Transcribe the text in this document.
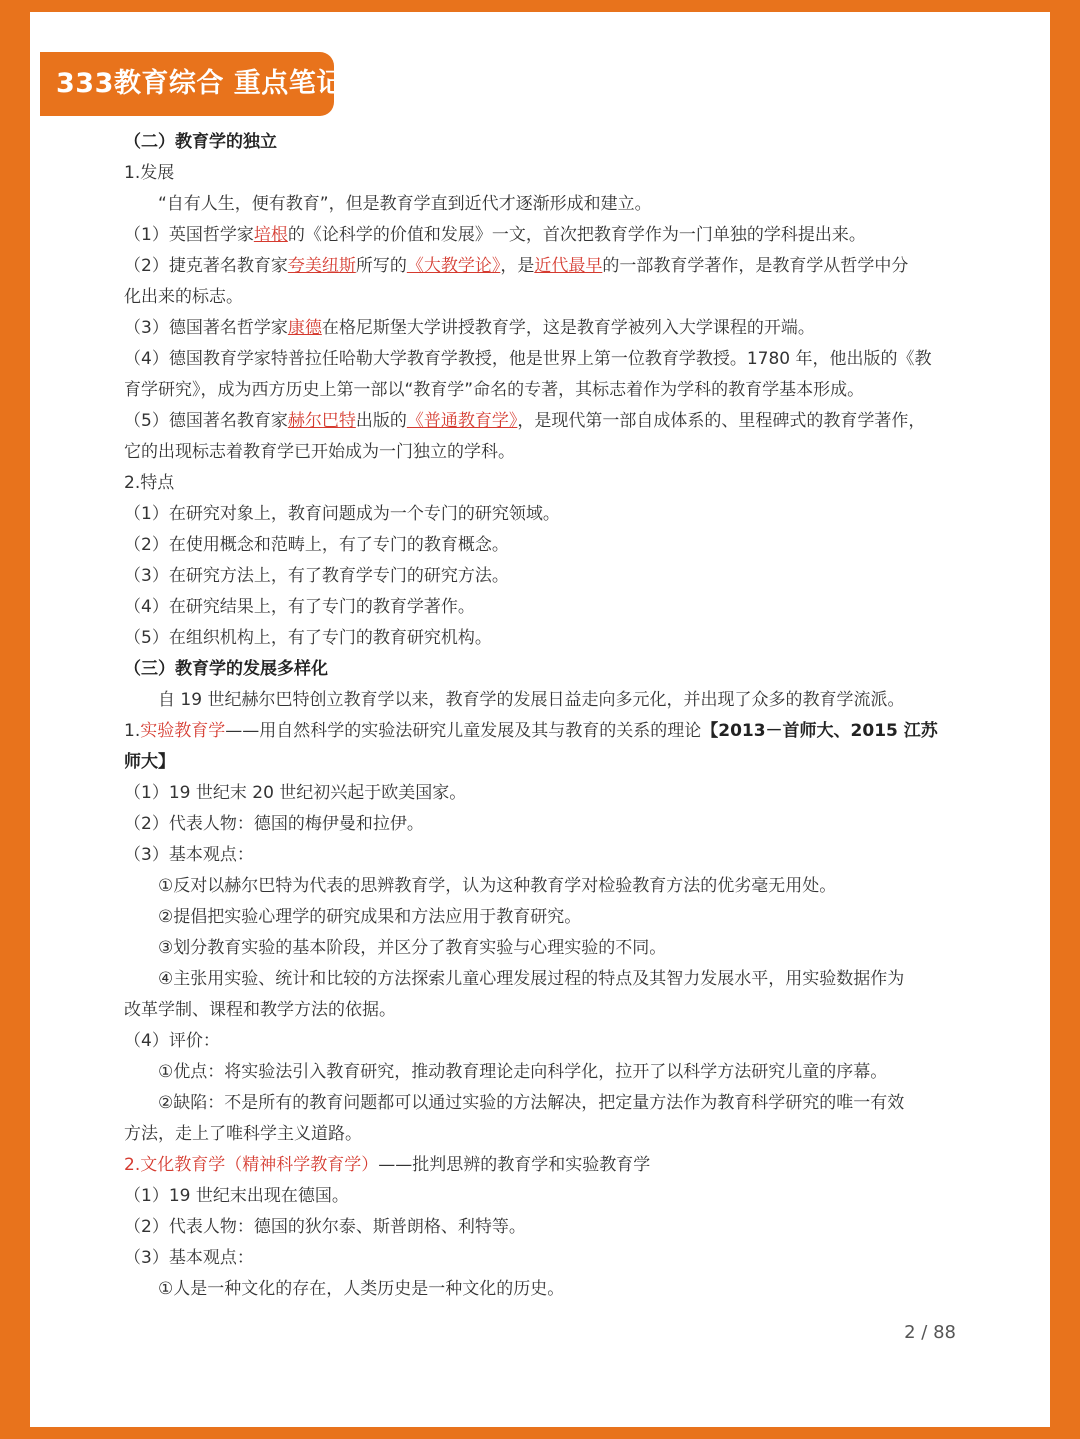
333教育综合 重点笔记

（二）教育学的独立

1.发展

“自有人生，便有教育”，但是教育学直到近代才逐渐形成和建立。

（1）英国哲学家培根的《论科学的价值和发展》一文，首次把教育学作为一门单独的学科提出来。

（2）捷克著名教育家夸美纽斯所写的《大教学论》，是近代最早的一部教育学著作，是教育学从哲学中分

化出来的标志。

（3）德国著名哲学家康德在格尼斯堡大学讲授教育学，这是教育学被列入大学课程的开端。

（4）德国教育学家特普拉任哈勒大学教育学教授，他是世界上第一位教育学教授。1780 年，他出版的《教

育学研究》，成为西方历史上第一部以“教育学”命名的专著，其标志着作为学科的教育学基本形成。

（5）德国著名教育家赫尔巴特出版的《普通教育学》，是现代第一部自成体系的、里程碑式的教育学著作，

它的出现标志着教育学已开始成为一门独立的学科。

2.特点

（1）在研究对象上，教育问题成为一个专门的研究领域。

（2）在使用概念和范畴上，有了专门的教育概念。

（3）在研究方法上，有了教育学专门的研究方法。

（4）在研究结果上，有了专门的教育学著作。

（5）在组织机构上，有了专门的教育研究机构。

（三）教育学的发展多样化

自 19 世纪赫尔巴特创立教育学以来，教育学的发展日益走向多元化，并出现了众多的教育学流派。

1.实验教育学——用自然科学的实验法研究儿童发展及其与教育的关系的理论【2013－首师大、2015 江苏

师大】

（1）19 世纪末 20 世纪初兴起于欧美国家。

（2）代表人物：德国的梅伊曼和拉伊。

（3）基本观点：

①反对以赫尔巴特为代表的思辨教育学，认为这种教育学对检验教育方法的优劣毫无用处。

②提倡把实验心理学的研究成果和方法应用于教育研究。

③划分教育实验的基本阶段，并区分了教育实验与心理实验的不同。

④主张用实验、统计和比较的方法探索儿童心理发展过程的特点及其智力发展水平，用实验数据作为

改革学制、课程和教学方法的依据。

（4）评价：

①优点：将实验法引入教育研究，推动教育理论走向科学化，拉开了以科学方法研究儿童的序幕。

②缺陷：不是所有的教育问题都可以通过实验的方法解决，把定量方法作为教育科学研究的唯一有效

方法，走上了唯科学主义道路。

2.文化教育学（精神科学教育学）——批判思辨的教育学和实验教育学

（1）19 世纪末出现在德国。

（2）代表人物：德国的狄尔泰、斯普朗格、利特等。

（3）基本观点：

①人是一种文化的存在，人类历史是一种文化的历史。

2 / 88
